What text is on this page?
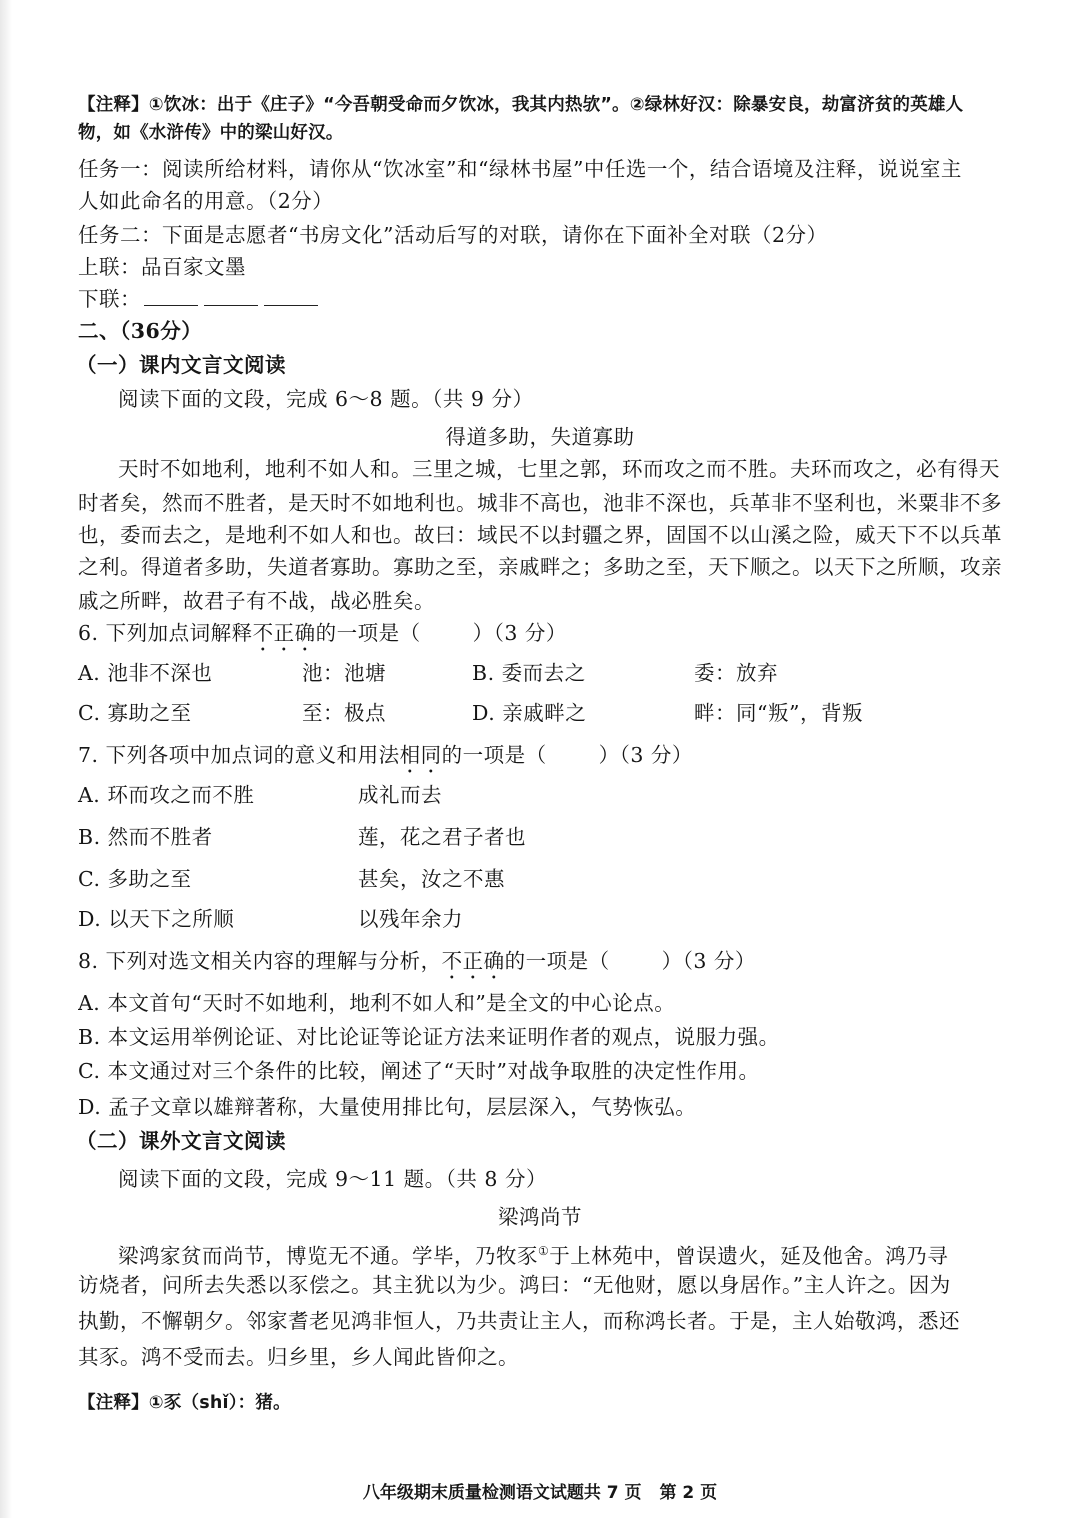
【注释】①饮冰：出于《庄子》“今吾朝受命而夕饮冰，我其内热欤”。②绿林好汉：除暴安良，劫富济贫的英雄人
物，如《水浒传》中的梁山好汉。
任务一：阅读所给材料，请你从“饮冰室”和“绿林书屋”中任选一个，结合语境及注释，说说室主
人如此命名的用意。（2分）
任务二：下面是志愿者“书房文化”活动后写的对联，请你在下面补全对联（2分）
上联：品百家文墨
下联：
二、（36分）
（一）课内文言文阅读
阅读下面的文段，完成 6～8 题。（共 9 分）
得道多助，失道寡助
天时不如地利，地利不如人和。三里之城，七里之郭，环而攻之而不胜。夫环而攻之，必有得天
时者矣，然而不胜者，是天时不如地利也。城非不高也，池非不深也，兵革非不坚利也，米粟非不多
也，委而去之，是地利不如人和也。故曰：域民不以封疆之界，固国不以山溪之险，威天下不以兵革
之利。得道者多助，失道者寡助。寡助之至，亲戚畔之；多助之至，天下顺之。以天下之所顺，攻亲
戚之所畔，故君子有不战，战必胜矣。
6. 下列加点词解释不正确的一项是（	）（3 分）
A. 池非不深也	池：池塘	B. 委而去之	委：放弃
C. 寡助之至	至：极点	D. 亲戚畔之	畔：同“叛”，背叛
7. 下列各项中加点词的意义和用法相同的一项是（	）（3 分）
A. 环而攻之而不胜	成礼而去
B. 然而不胜者	莲，花之君子者也
C. 多助之至	甚矣，汝之不惠
D. 以天下之所顺	以残年余力
8. 下列对选文相关内容的理解与分析，不正确的一项是（	）（3 分）
A. 本文首句“天时不如地利，地利不如人和”是全文的中心论点。
B. 本文运用举例论证、对比论证等论证方法来证明作者的观点，说服力强。
C. 本文通过对三个条件的比较，阐述了“天时”对战争取胜的决定性作用。
D. 孟子文章以雄辩著称，大量使用排比句，层层深入，气势恢弘。
（二）课外文言文阅读
阅读下面的文段，完成 9～11 题。（共 8 分）
梁鸿尚节
梁鸿家贫而尚节，博览无不通。学毕，乃牧豕①于上林苑中，曾误遗火，延及他舍。鸿乃寻
访烧者，问所去失悉以豕偿之。其主犹以为少。鸿曰：“无他财，愿以身居作。”主人许之。因为
执勤，不懈朝夕。邻家耆老见鸿非恒人，乃共责让主人，而称鸿长者。于是，主人始敬鸿，悉还
其豕。鸿不受而去。归乡里，乡人闻此皆仰之。
【注释】①豕（shǐ）：猪。
八年级期末质量检测语文试题共 7 页 第 2 页
